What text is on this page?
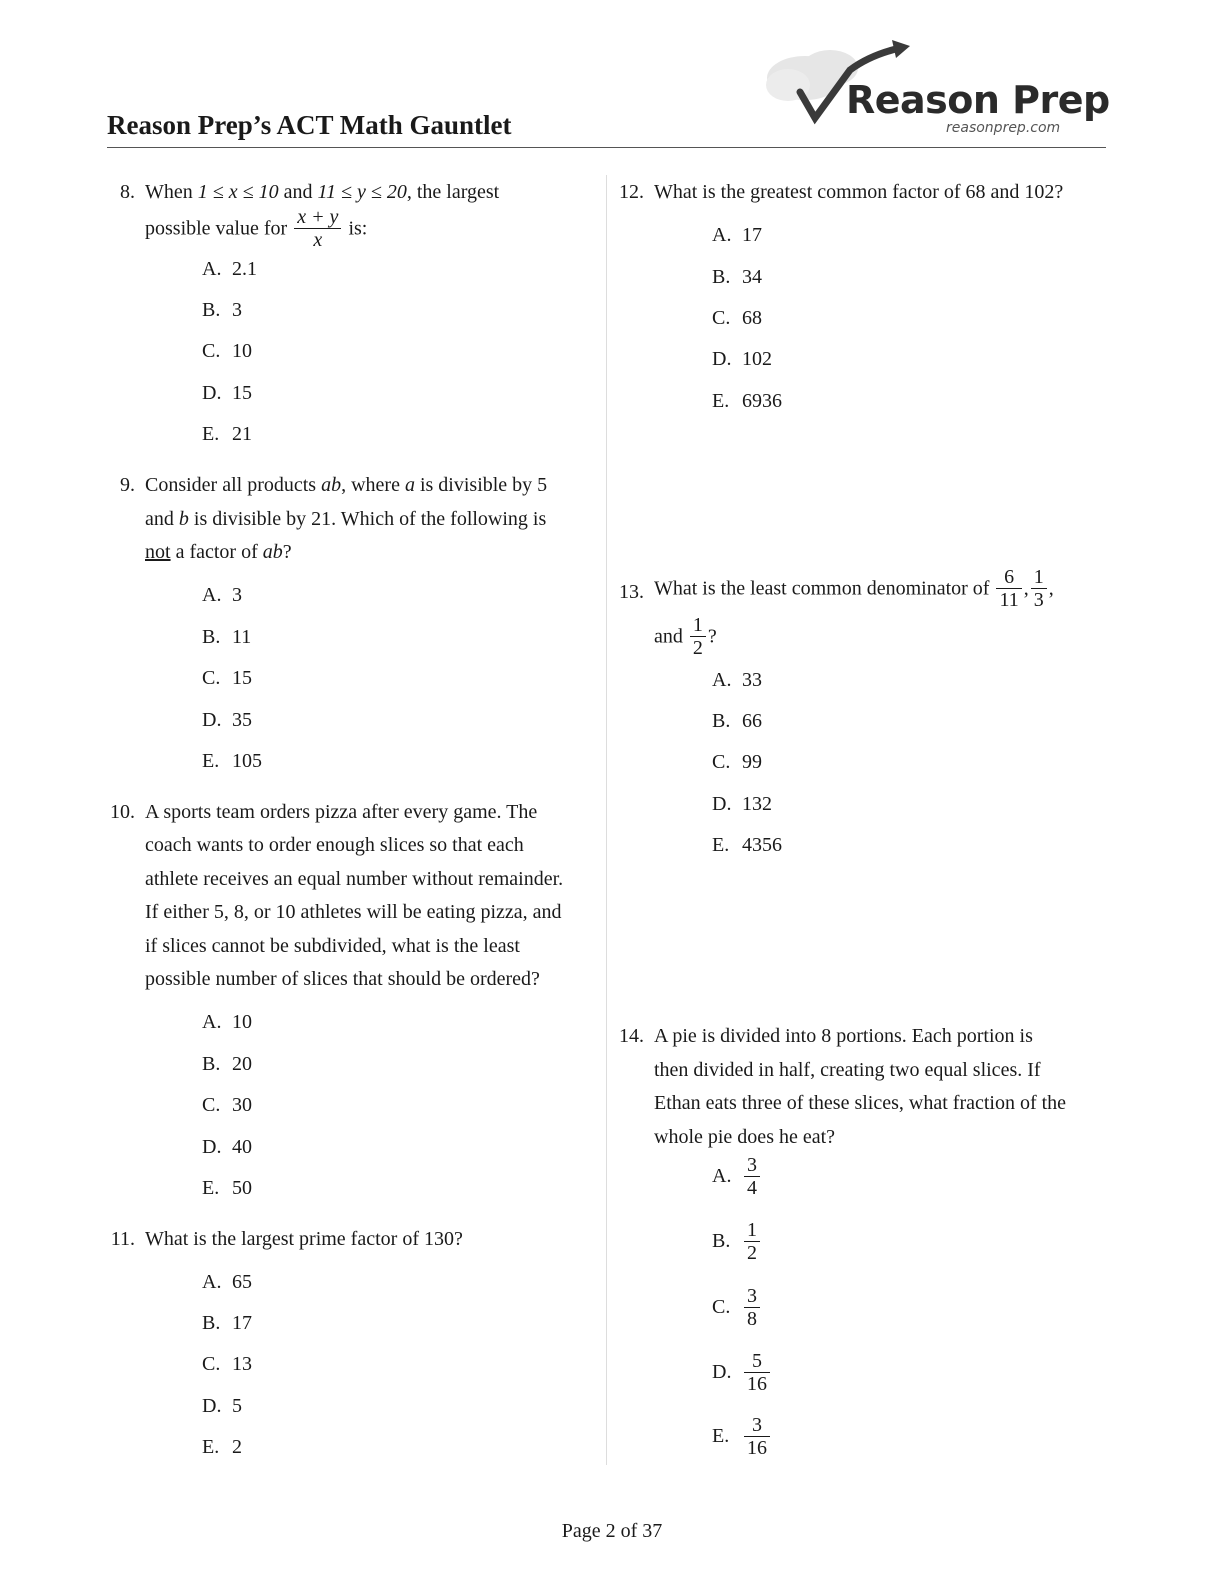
Reason Prep
reasonprep.com
Reason Prep’s ACT Math Gauntlet
8. When 1 ≤ x ≤ 10 and 11 ≤ y ≤ 20, the largest
possible value for $\frac{x + y}{x}$ is:
A. 2.1
B. 3
C. 10
D. 15
E. 21
9. Consider all products ab, where a is divisible by 5
and b is divisible by 21. Which of the following is
not a factor of ab?
A. 3
B. 11
C. 15
D. 35
E. 105
10. A sports team orders pizza after every game. The
coach wants to order enough slices so that each
athlete receives an equal number without remainder.
If either 5, 8, or 10 athletes will be eating pizza, and
if slices cannot be subdivided, what is the least
possible number of slices that should be ordered?
A. 10
B. 20
C. 30
D. 40
E. 50
11. What is the largest prime factor of 130?
A. 65
B. 17
C. 13
D. 5
E. 2
12. What is the greatest common factor of 68 and 102?
A. 17
B. 34
C. 68
D. 102
E. 6936
13. What is the least common denominator of $\frac{6}{11}$ , $\frac{1}{3}$ ,
and $\frac{1}{2}$ ?
A. 33
B. 66
C. 99
D. 132
E. 4356
14. A pie is divided into 8 portions. Each portion is
then divided in half, creating two equal slices. If
Ethan eats three of these slices, what fraction of the
whole pie does he eat?
A. $\frac{3}{4}$
B. $\frac{1}{2}$
C. $\frac{3}{8}$
D. $\frac{5}{16}$
E. $\frac{3}{16}$
Page 2 of 37
